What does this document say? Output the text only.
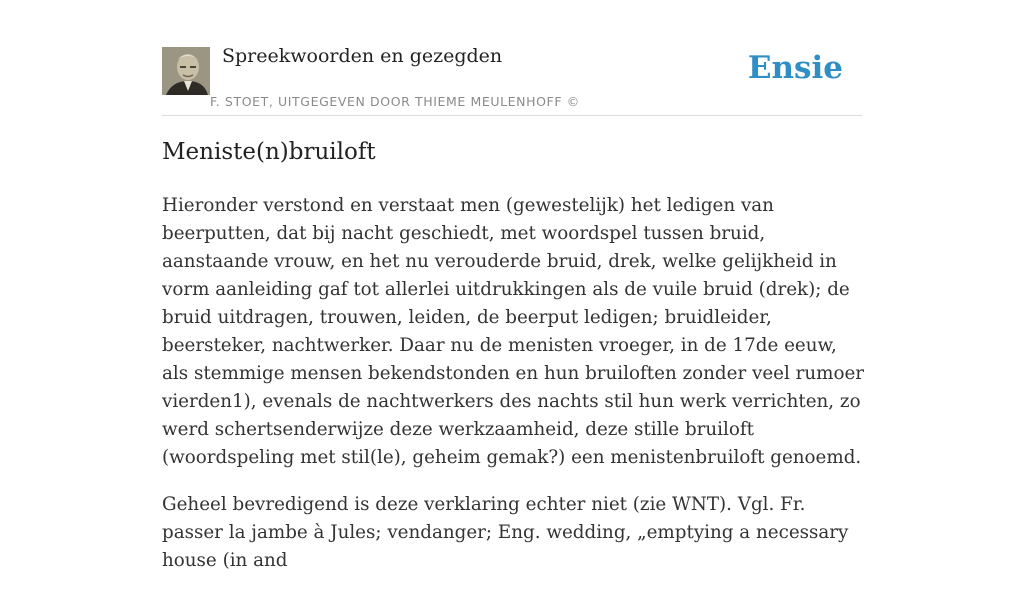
Spreekwoorden en gezegden
F. STOET, UITGEGEVEN DOOR THIEME MEULENHOFF ©
Ensie
Meniste(n)bruiloft

Hieronder verstond en verstaat men (gewestelijk) het ledigen van beerputten, dat bij nacht geschiedt, met woordspel tussen bruid, aanstaande vrouw, en het nu verouderde bruid, drek, welke gelijkheid in vorm aanleiding gaf tot allerlei uitdrukkingen als de vuile bruid (drek); de bruid uitdragen, trouwen, leiden, de beerput ledigen; bruidleider, beersteker, nachtwerker. Daar nu de menisten vroeger, in de 17de eeuw, als stemmige mensen bekendstonden en hun bruiloften zonder veel rumoer vierden1), evenals de nachtwerkers des nachts stil hun werk verrichten, zo werd schertsenderwijze deze werkzaamheid, deze stille bruiloft (woordspeling met stil(le), geheim gemak?) een menistenbruiloft genoemd.

Geheel bevredigend is deze verklaring echter niet (zie WNT). Vgl. Fr. passer la jambe à Jules; vendanger; Eng. wedding, „emptying a necessary house (in and
